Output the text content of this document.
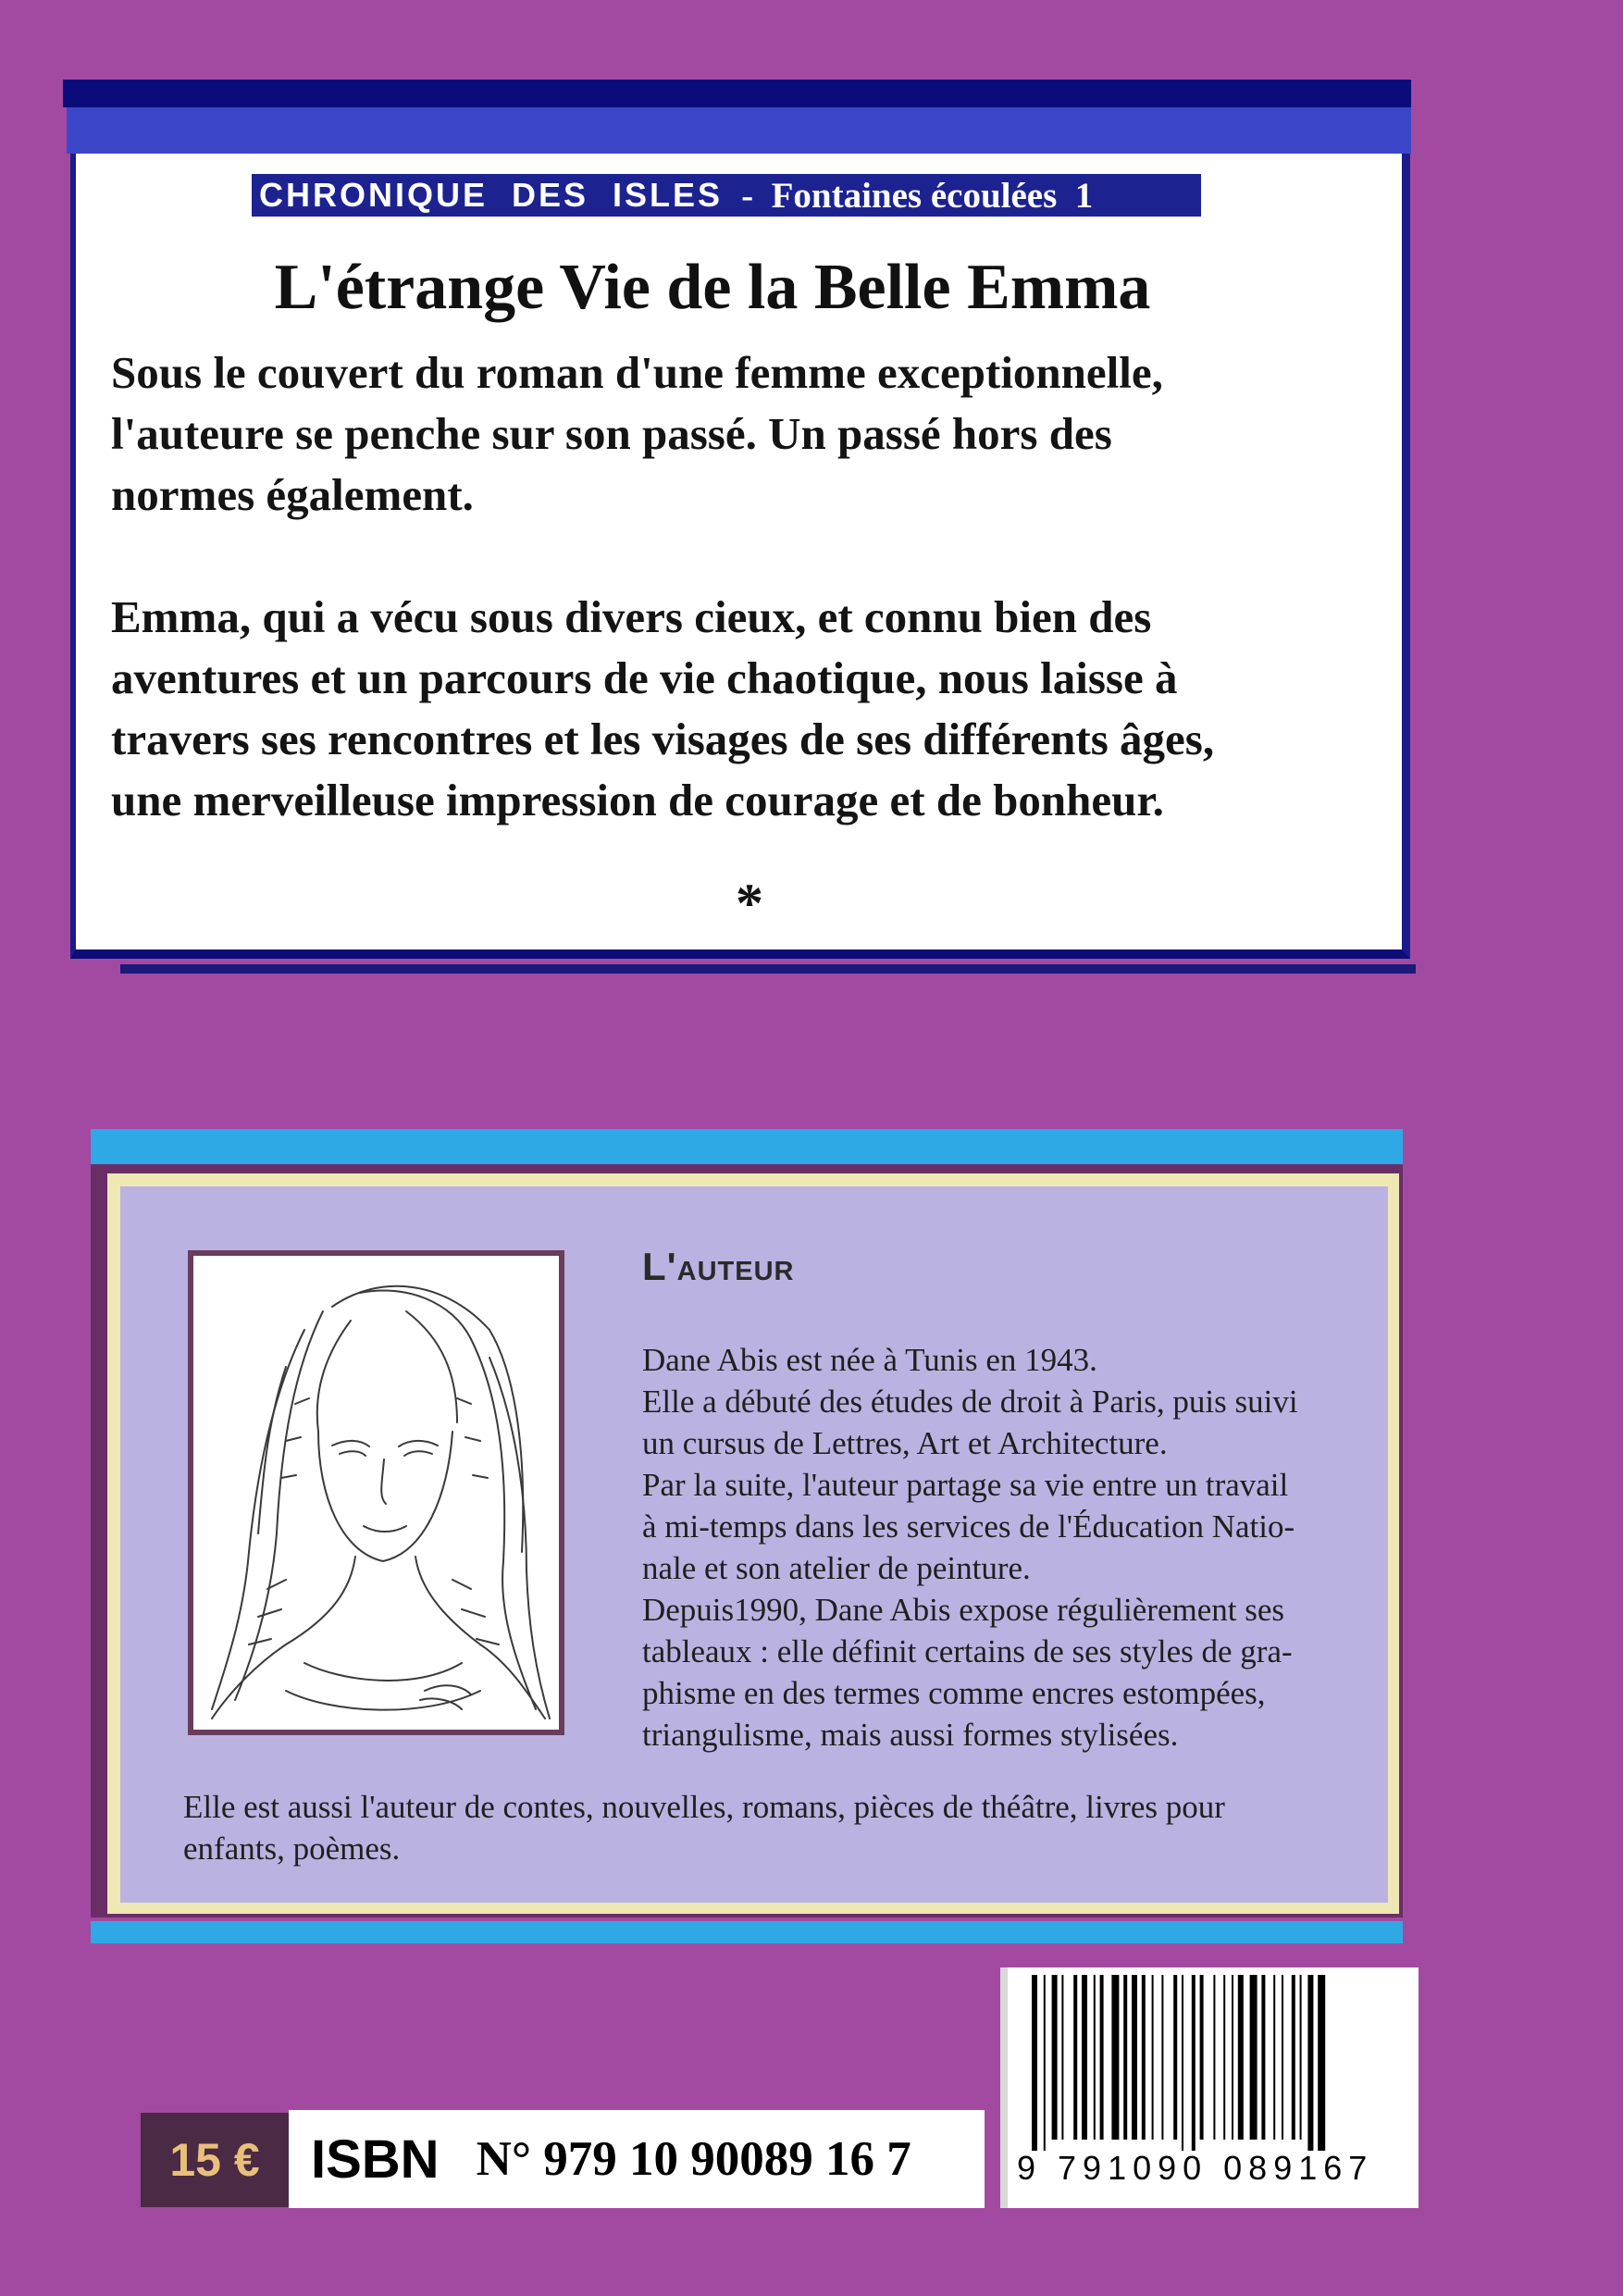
CHRONIQUE  DES  ISLES -  Fontaines écoulées  1
L'étrange Vie de la Belle Emma

Sous le couvert du roman d'une femme exceptionnelle,
l'auteure se penche sur son passé. Un passé hors des
normes également.

Emma, qui a vécu sous divers cieux, et connu bien des
aventures et un parcours de vie chaotique, nous laisse à
travers ses rencontres et les visages de ses différents âges,
une merveilleuse impression de courage et de bonheur.

*
L'auteur

Dane Abis est née à Tunis en 1943.

Elle a débuté des études de droit à Paris, puis suivi

un cursus de Lettres, Art et Architecture.

Par la suite, l'auteur partage sa vie entre un travail

à mi-temps dans les services de l'Éducation Natio-

nale et son atelier de peinture.

Depuis1990, Dane Abis expose régulièrement ses

tableaux : elle définit certains de ses styles de gra-

phisme en des termes comme encres estompées,

triangulisme, mais aussi formes stylisées.

Elle est aussi l'auteur de contes, nouvelles, romans, pièces de théâtre, livres pour

enfants, poèmes.

15 € ISBN N° 979 10 90089 16 7	9 791090 089167
